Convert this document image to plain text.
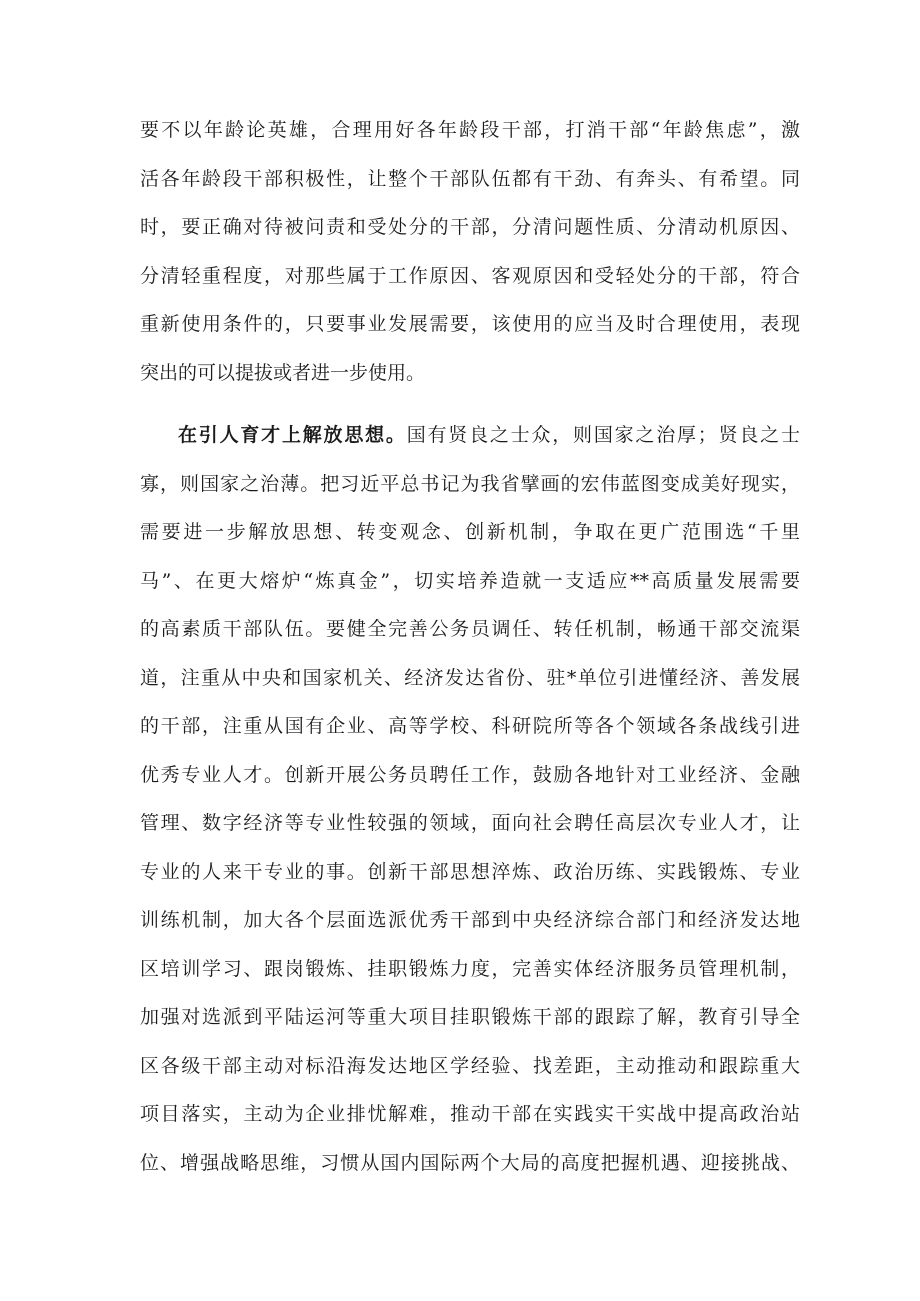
要不以年龄论英雄，合理用好各年龄段干部，打消干部“年龄焦虑”，激
活各年龄段干部积极性，让整个干部队伍都有干劲、有奔头、有希望。同
时，要正确对待被问责和受处分的干部，分清问题性质、分清动机原因、
分清轻重程度，对那些属于工作原因、客观原因和受轻处分的干部，符合
重新使用条件的，只要事业发展需要，该使用的应当及时合理使用，表现
突出的可以提拔或者进一步使用。
在引人育才上解放思想。国有贤良之士众，则国家之治厚；贤良之士
寡，则国家之治薄。把习近平总书记为我省擘画的宏伟蓝图变成美好现实，
需要进一步解放思想、转变观念、创新机制，争取在更广范围选“千里
马”、在更大熔炉“炼真金”，切实培养造就一支适应**高质量发展需要
的高素质干部队伍。要健全完善公务员调任、转任机制，畅通干部交流渠
道，注重从中央和国家机关、经济发达省份、驻*单位引进懂经济、善发展
的干部，注重从国有企业、高等学校、科研院所等各个领域各条战线引进
优秀专业人才。创新开展公务员聘任工作，鼓励各地针对工业经济、金融
管理、数字经济等专业性较强的领域，面向社会聘任高层次专业人才，让
专业的人来干专业的事。创新干部思想淬炼、政治历练、实践锻炼、专业
训练机制，加大各个层面选派优秀干部到中央经济综合部门和经济发达地
区培训学习、跟岗锻炼、挂职锻炼力度，完善实体经济服务员管理机制，
加强对选派到平陆运河等重大项目挂职锻炼干部的跟踪了解，教育引导全
区各级干部主动对标沿海发达地区学经验、找差距，主动推动和跟踪重大
项目落实，主动为企业排忧解难，推动干部在实践实干实战中提高政治站
位、增强战略思维，习惯从国内国际两个大局的高度把握机遇、迎接挑战、
